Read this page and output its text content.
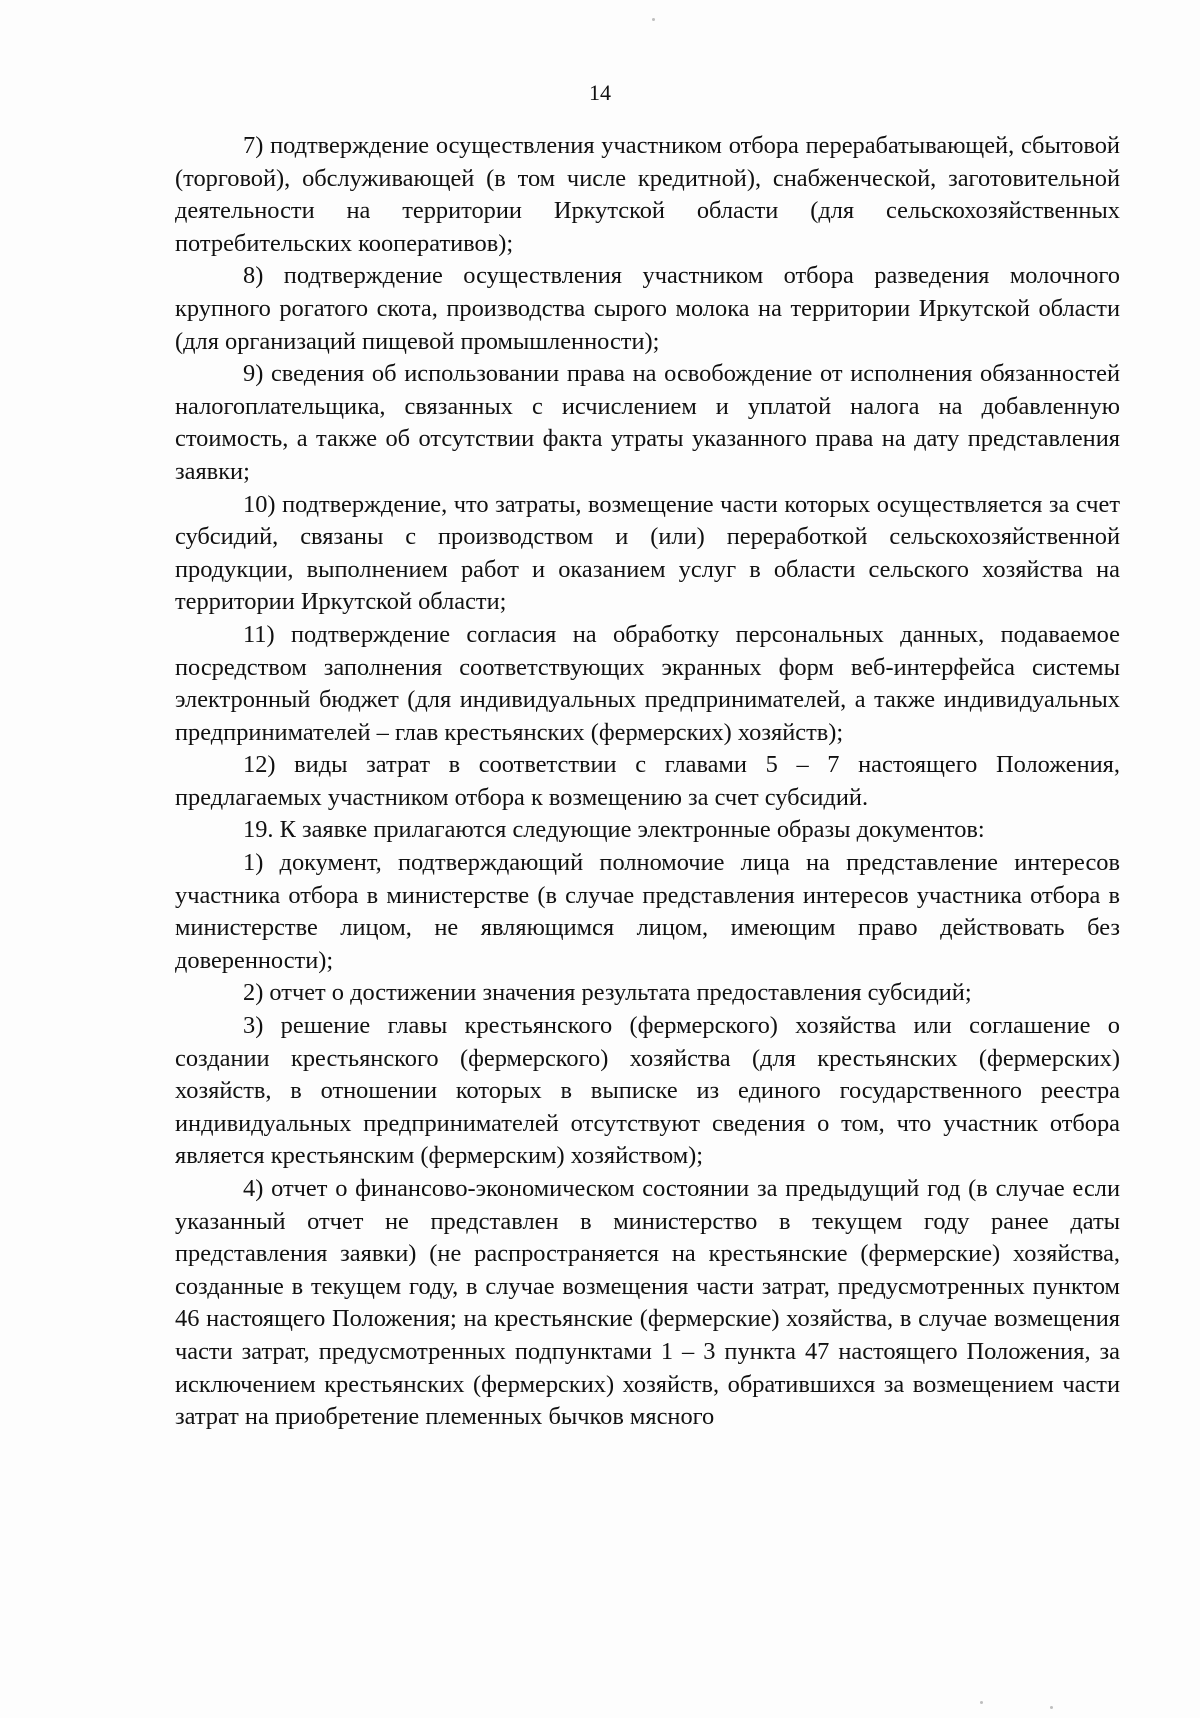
14

7) подтверждение осуществления участником отбора перерабатывающей, сбытовой (торговой), обслуживающей (в том числе кредитной), снабженческой, заготовительной деятельности на территории Иркутской области (для сельскохозяйственных потребительских кооперативов);

8) подтверждение осуществления участником отбора разведения молочного крупного рогатого скота, производства сырого молока на территории Иркутской области (для организаций пищевой промышленности);

9) сведения об использовании права на освобождение от исполнения обязанностей налогоплательщика, связанных с исчислением и уплатой налога на добавленную стоимость, а также об отсутствии факта утраты указанного права на дату представления заявки;

10) подтверждение, что затраты, возмещение части которых осуществляется за счет субсидий, связаны с производством и (или) переработкой сельскохозяйственной продукции, выполнением работ и оказанием услуг в области сельского хозяйства на территории Иркутской области;

11) подтверждение согласия на обработку персональных данных, подаваемое посредством заполнения соответствующих экранных форм веб-интерфейса системы электронный бюджет (для индивидуальных предпринимателей, а также индивидуальных предпринимателей – глав крестьянских (фермерских) хозяйств);

12) виды затрат в соответствии с главами 5 – 7 настоящего Положения, предлагаемых участником отбора к возмещению за счет субсидий.

19. К заявке прилагаются следующие электронные образы документов:

1) документ, подтверждающий полномочие лица на представление интересов участника отбора в министерстве (в случае представления интересов участника отбора в министерстве лицом, не являющимся лицом, имеющим право действовать без доверенности);

2) отчет о достижении значения результата предоставления субсидий;

3) решение главы крестьянского (фермерского) хозяйства или соглашение о создании крестьянского (фермерского) хозяйства (для крестьянских (фермерских) хозяйств, в отношении которых в выписке из единого государственного реестра индивидуальных предпринимателей отсутствуют сведения о том, что участник отбора является крестьянским (фермерским) хозяйством);

4) отчет о финансово-экономическом состоянии за предыдущий год (в случае если указанный отчет не представлен в министерство в текущем году ранее даты представления заявки) (не распространяется на крестьянские (фермерские) хозяйства, созданные в текущем году, в случае возмещения части затрат, предусмотренных пунктом 46 настоящего Положения; на крестьянские (фермерские) хозяйства, в случае возмещения части затрат, предусмотренных подпунктами 1 – 3 пункта 47 настоящего Положения, за исключением крестьянских (фермерских) хозяйств, обратившихся за возмещением части затрат на приобретение племенных бычков мясного
